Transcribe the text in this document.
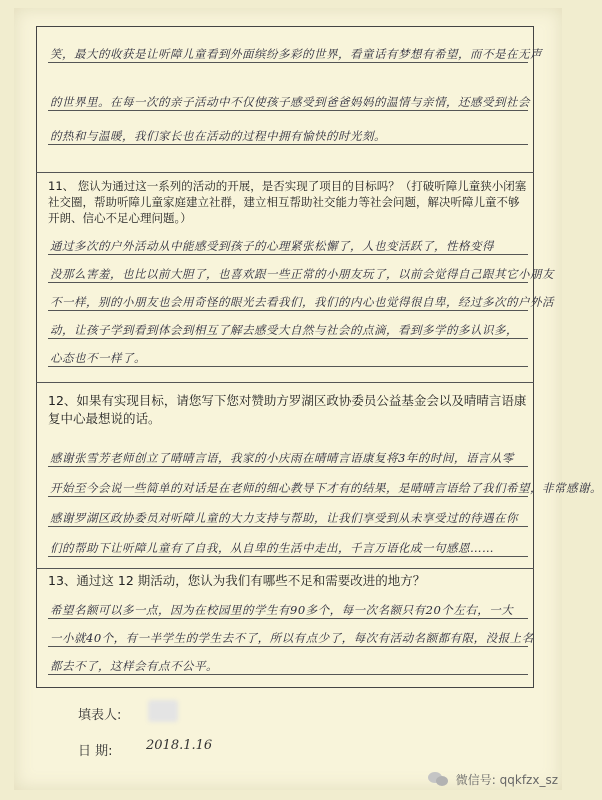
笑，最大的收获是让听障儿童看到外面缤纷多彩的世界，看童话有梦想有希望，而不是在无声
的世界里。在每一次的亲子活动中不仅使孩子感受到爸爸妈妈的温情与亲情，还感受到社会
的热和与温暖，我们家长也在活动的过程中拥有愉快的时光刻。
11、 您认为通过这一系列的活动的开展，是否实现了项目的目标吗？（打破听障儿童狭小闭塞社交圈，帮助听障儿童家庭建立社群，建立相互帮助社交能力等社会问题，解决听障儿童不够开朗、信心不足心理问题。）
通过多次的户外活动从中能感受到孩子的心理紧张松懈了，人也变活跃了，性格变得
没那么害羞，也比以前大胆了，也喜欢跟一些正常的小朋友玩了，以前会觉得自己跟其它小朋友
不一样，别的小朋友也会用奇怪的眼光去看我们，我们的内心也觉得很自卑，经过多次的户外活
动，让孩子学到看到体会到相互了解去感受大自然与社会的点滴，看到多学的多认识多，
心态也不一样了。
12、如果有实现目标，请您写下您对赞助方罗湖区政协委员公益基金会以及晴晴言语康复中心最想说的话。
感谢张雪芳老师创立了晴晴言语，我家的小庆雨在晴晴言语康复将3年的时间，语言从零
开始至今会说一些简单的对话是在老师的细心教导下才有的结果，是晴晴言语给了我们希望，非常感谢。
感谢罗湖区政协委员对听障儿童的大力支持与帮助，让我们享受到从未享受过的待遇在你
们的帮助下让听障儿童有了自我，从自卑的生活中走出，千言万语化成一句感恩……
13、通过这 12 期活动，您认为我们有哪些不足和需要改进的地方？
希望名额可以多一点，因为在校园里的学生有90多个，每一次名额只有20个左右，一大
一小就40个，有一半学生的学生去不了，所以有点少了，每次有活动名额都有限，没报上名
都去不了，这样会有点不公平。
填表人:
日 期:	2018.1.16
微信号: qqkfzx_sz
